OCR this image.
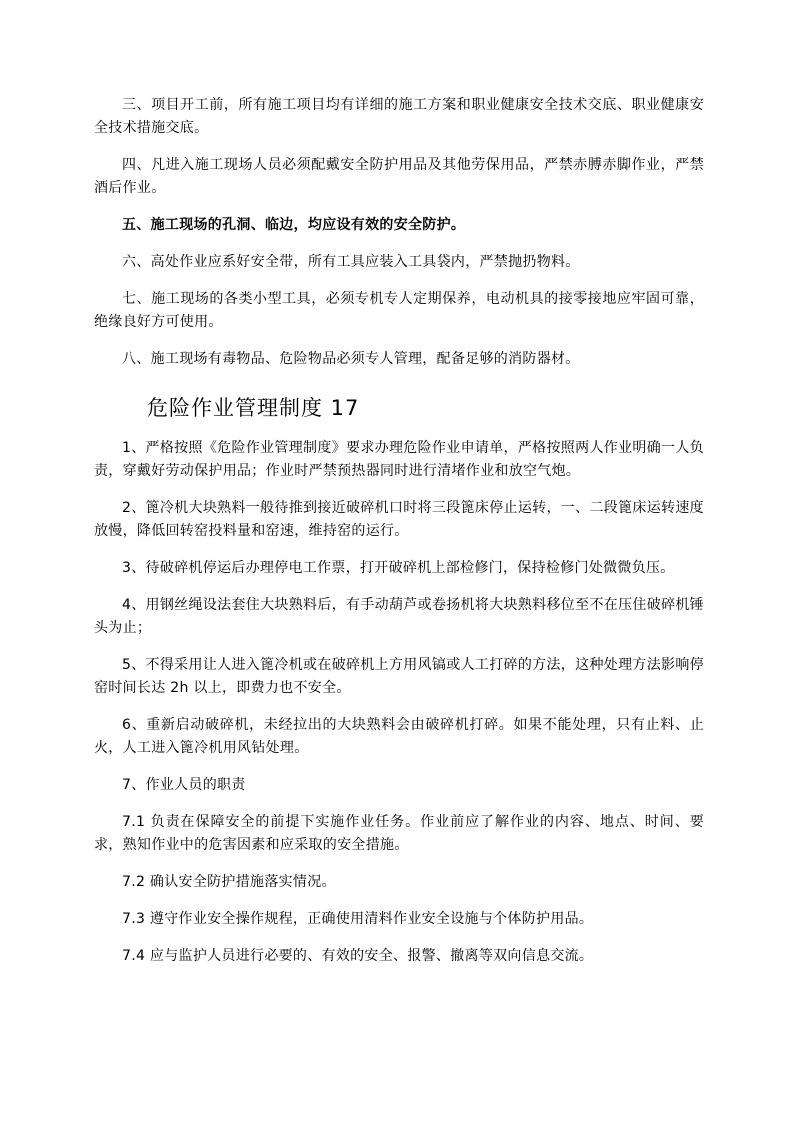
三、项目开工前，所有施工项目均有详细的施工方案和职业健康安全技术交底、职业健康安全技术措施交底。

四、凡进入施工现场人员必须配戴安全防护用品及其他劳保用品，严禁赤膊赤脚作业，严禁酒后作业。

五、施工现场的孔洞、临边，均应设有效的安全防护。

六、高处作业应系好安全带，所有工具应装入工具袋内，严禁抛扔物料。

七、施工现场的各类小型工具，必须专机专人定期保养，电动机具的接零接地应牢固可靠，绝缘良好方可使用。

八、施工现场有毒物品、危险物品必须专人管理，配备足够的消防器材。

危险作业管理制度 17

1、严格按照《危险作业管理制度》要求办理危险作业申请单，严格按照两人作业明确一人负责，穿戴好劳动保护用品；作业时严禁预热器同时进行清堵作业和放空气炮。

2、篦冷机大块熟料一般待推到接近破碎机口时将三段篦床停止运转，一、二段篦床运转速度放慢，降低回转窑投料量和窑速，维持窑的运行。

3、待破碎机停运后办理停电工作票，打开破碎机上部检修门，保持检修门处微微负压。

4、用钢丝绳设法套住大块熟料后，有手动葫芦或卷扬机将大块熟料移位至不在压住破碎机锤头为止；

5、不得采用让人进入篦冷机或在破碎机上方用风镐或人工打碎的方法，这种处理方法影响停窑时间长达 2h 以上，即费力也不安全。

6、重新启动破碎机，未经拉出的大块熟料会由破碎机打碎。如果不能处理，只有止料、止火，人工进入篦冷机用风钻处理。

7、作业人员的职责

7.1 负责在保障安全的前提下实施作业任务。作业前应了解作业的内容、地点、时间、要求，熟知作业中的危害因素和应采取的安全措施。

7.2 确认安全防护措施落实情况。

7.3 遵守作业安全操作规程，正确使用清料作业安全设施与个体防护用品。

7.4 应与监护人员进行必要的、有效的安全、报警、撤离等双向信息交流。
